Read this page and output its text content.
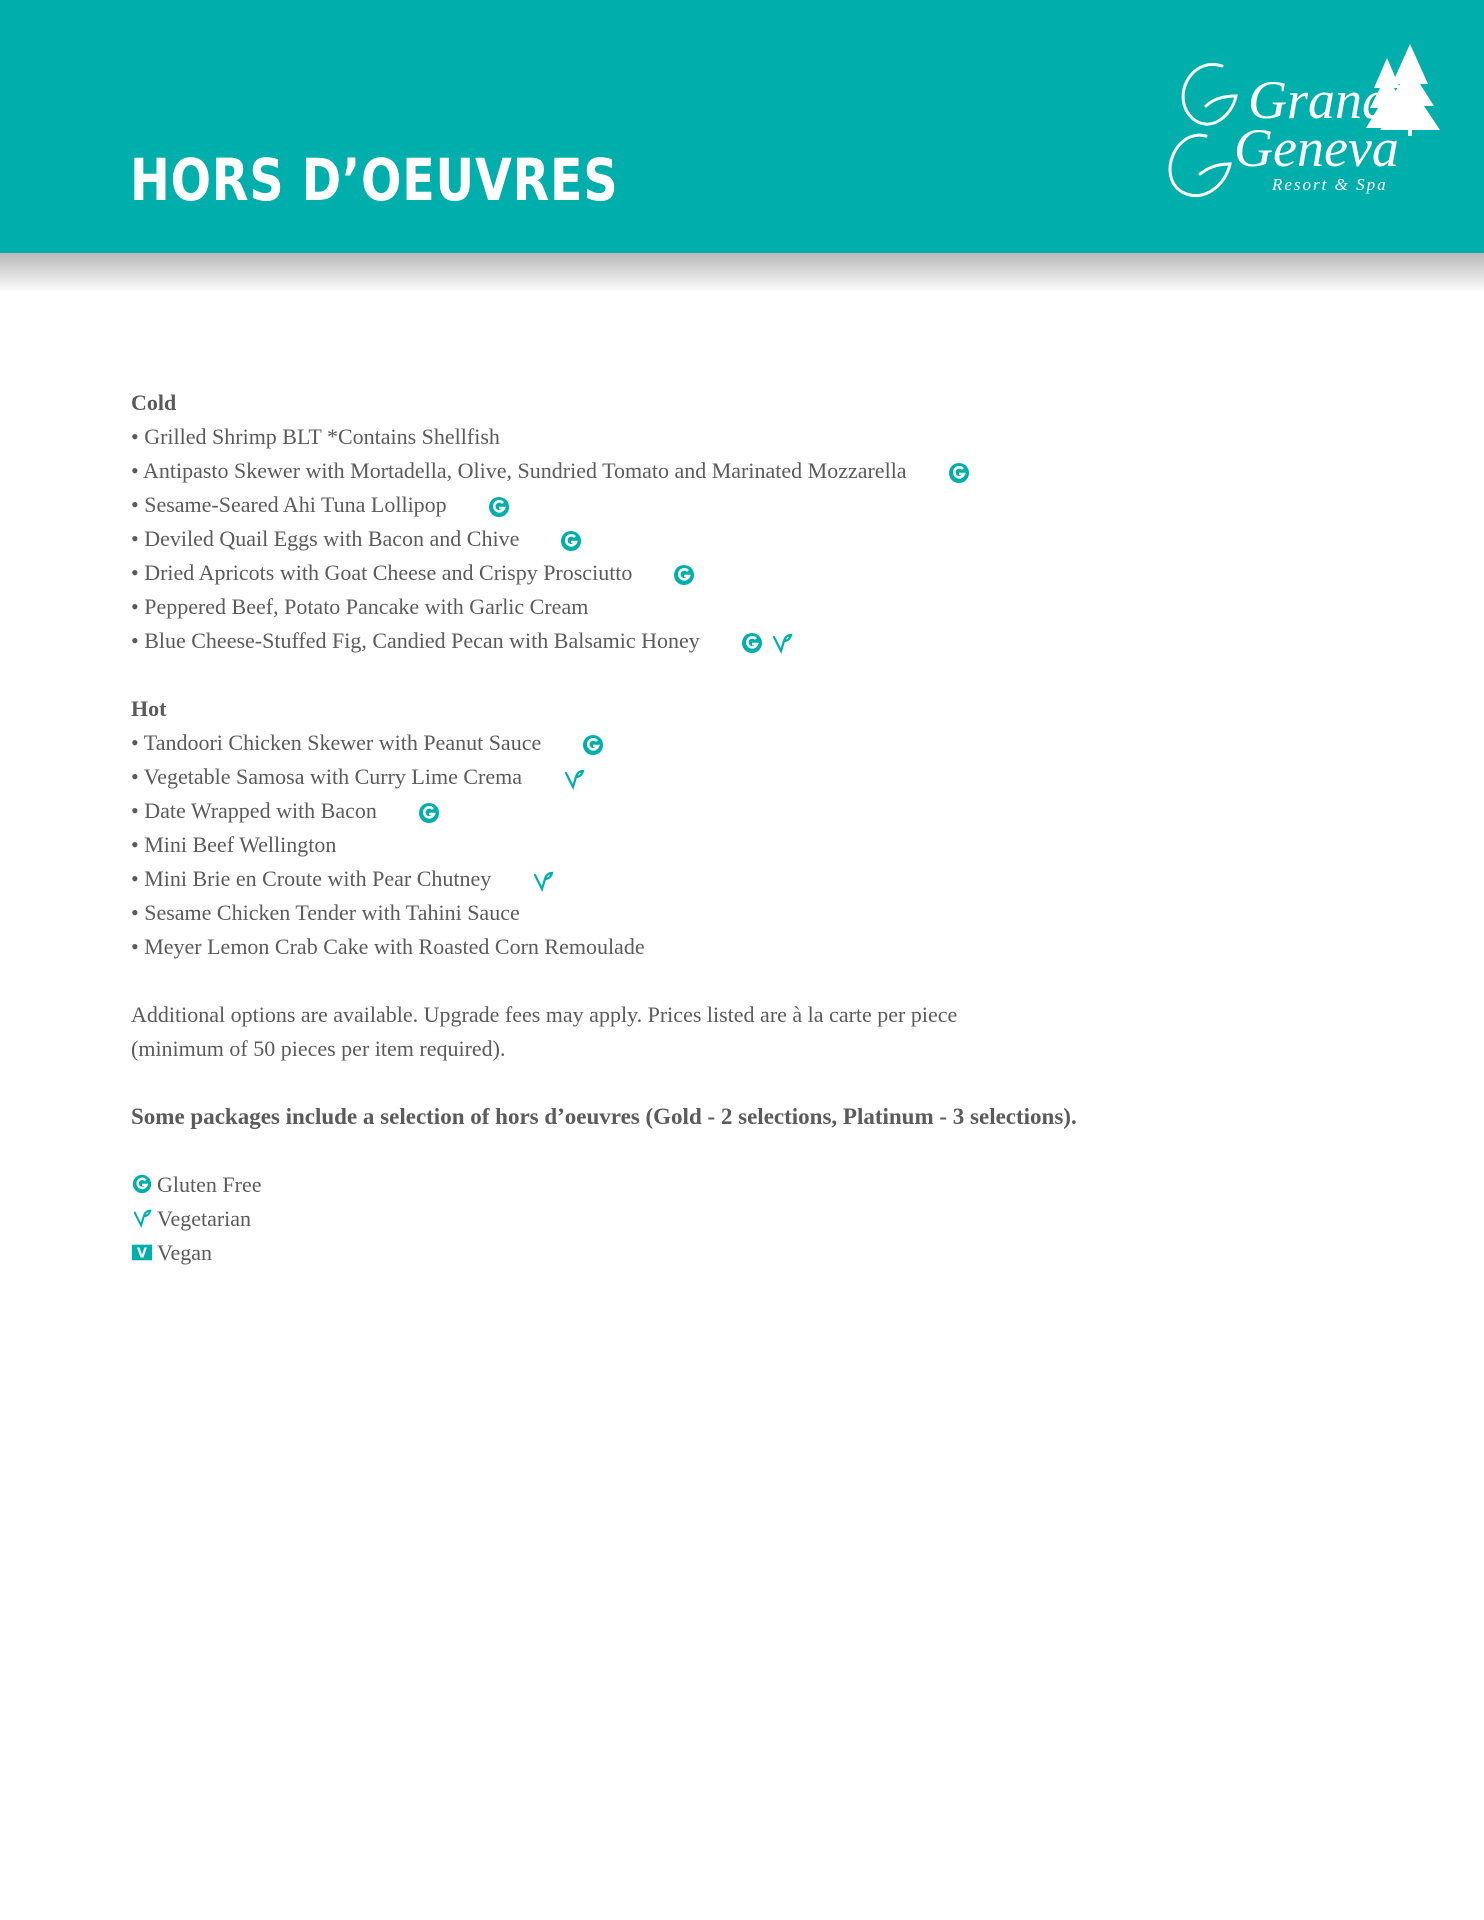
HORS D’OEUVRES
Grand
Geneva
Resort & Spa
Cold
• Grilled Shrimp BLT *Contains Shellfish
• Antipasto Skewer with Mortadella, Olive, Sundried Tomato and Marinated Mozzarella
• Sesame-Seared Ahi Tuna Lollipop
• Deviled Quail Eggs with Bacon and Chive
• Dried Apricots with Goat Cheese and Crispy Prosciutto
• Peppered Beef, Potato Pancake with Garlic Cream
• Blue Cheese-Stuffed Fig, Candied Pecan with Balsamic Honey
Hot
• Tandoori Chicken Skewer with Peanut Sauce
• Vegetable Samosa with Curry Lime Crema
• Date Wrapped with Bacon
• Mini Beef Wellington
• Mini Brie en Croute with Pear Chutney
• Sesame Chicken Tender with Tahini Sauce
• Meyer Lemon Crab Cake with Roasted Corn Remoulade
Additional options are available. Upgrade fees may apply. Prices listed are à la carte per piece
(minimum of 50 pieces per item required).
Some packages include a selection of hors d’oeuvres (Gold - 2 selections, Platinum - 3 selections).
Gluten Free
Vegetarian
V Vegan
